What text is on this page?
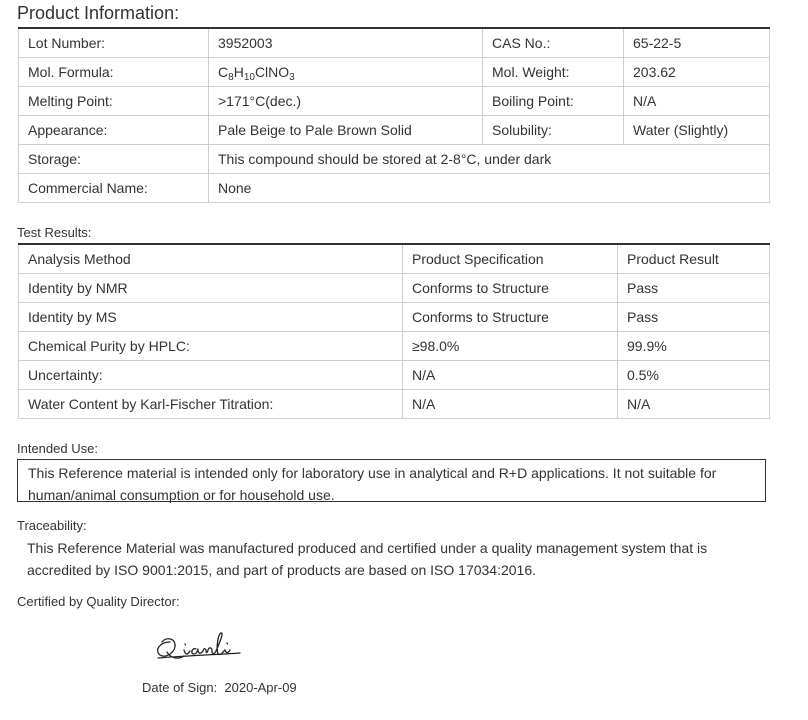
Product Information:
Lot Number:	3952003	CAS No.:	65-22-5
Mol. Formula:	$C_8H_{10}ClNO_3$	Mol. Weight:	203.62
Melting Point:	>171°C(dec.)	Boiling Point:	N/A
Appearance:	Pale Beige to Pale Brown Solid	Solubility:	Water (Slightly)
Storage:	This compound should be stored at 2-8°C, under dark		
Commercial Name:	None		
Test Results:
Analysis Method	Product Specification	Product Result
Identity by NMR	Conforms to Structure	Pass
Identity by MS	Conforms to Structure	Pass
Chemical Purity by HPLC:	≥98.0%	99.9%
Uncertainty:	N/A	0.5%
Water Content by Karl-Fischer Titration:	N/A	N/A
Intended Use:
This Reference material is intended only for laboratory use in analytical and R+D applications. It not suitable for human/animal consumption or for household use.
Traceability:
This Reference Material was manufactured produced and certified under a quality management system that is accredited by ISO 9001:2015, and part of products are based on ISO 17034:2016.
Certified by Quality Director:
Date of Sign: 2020-Apr-09
